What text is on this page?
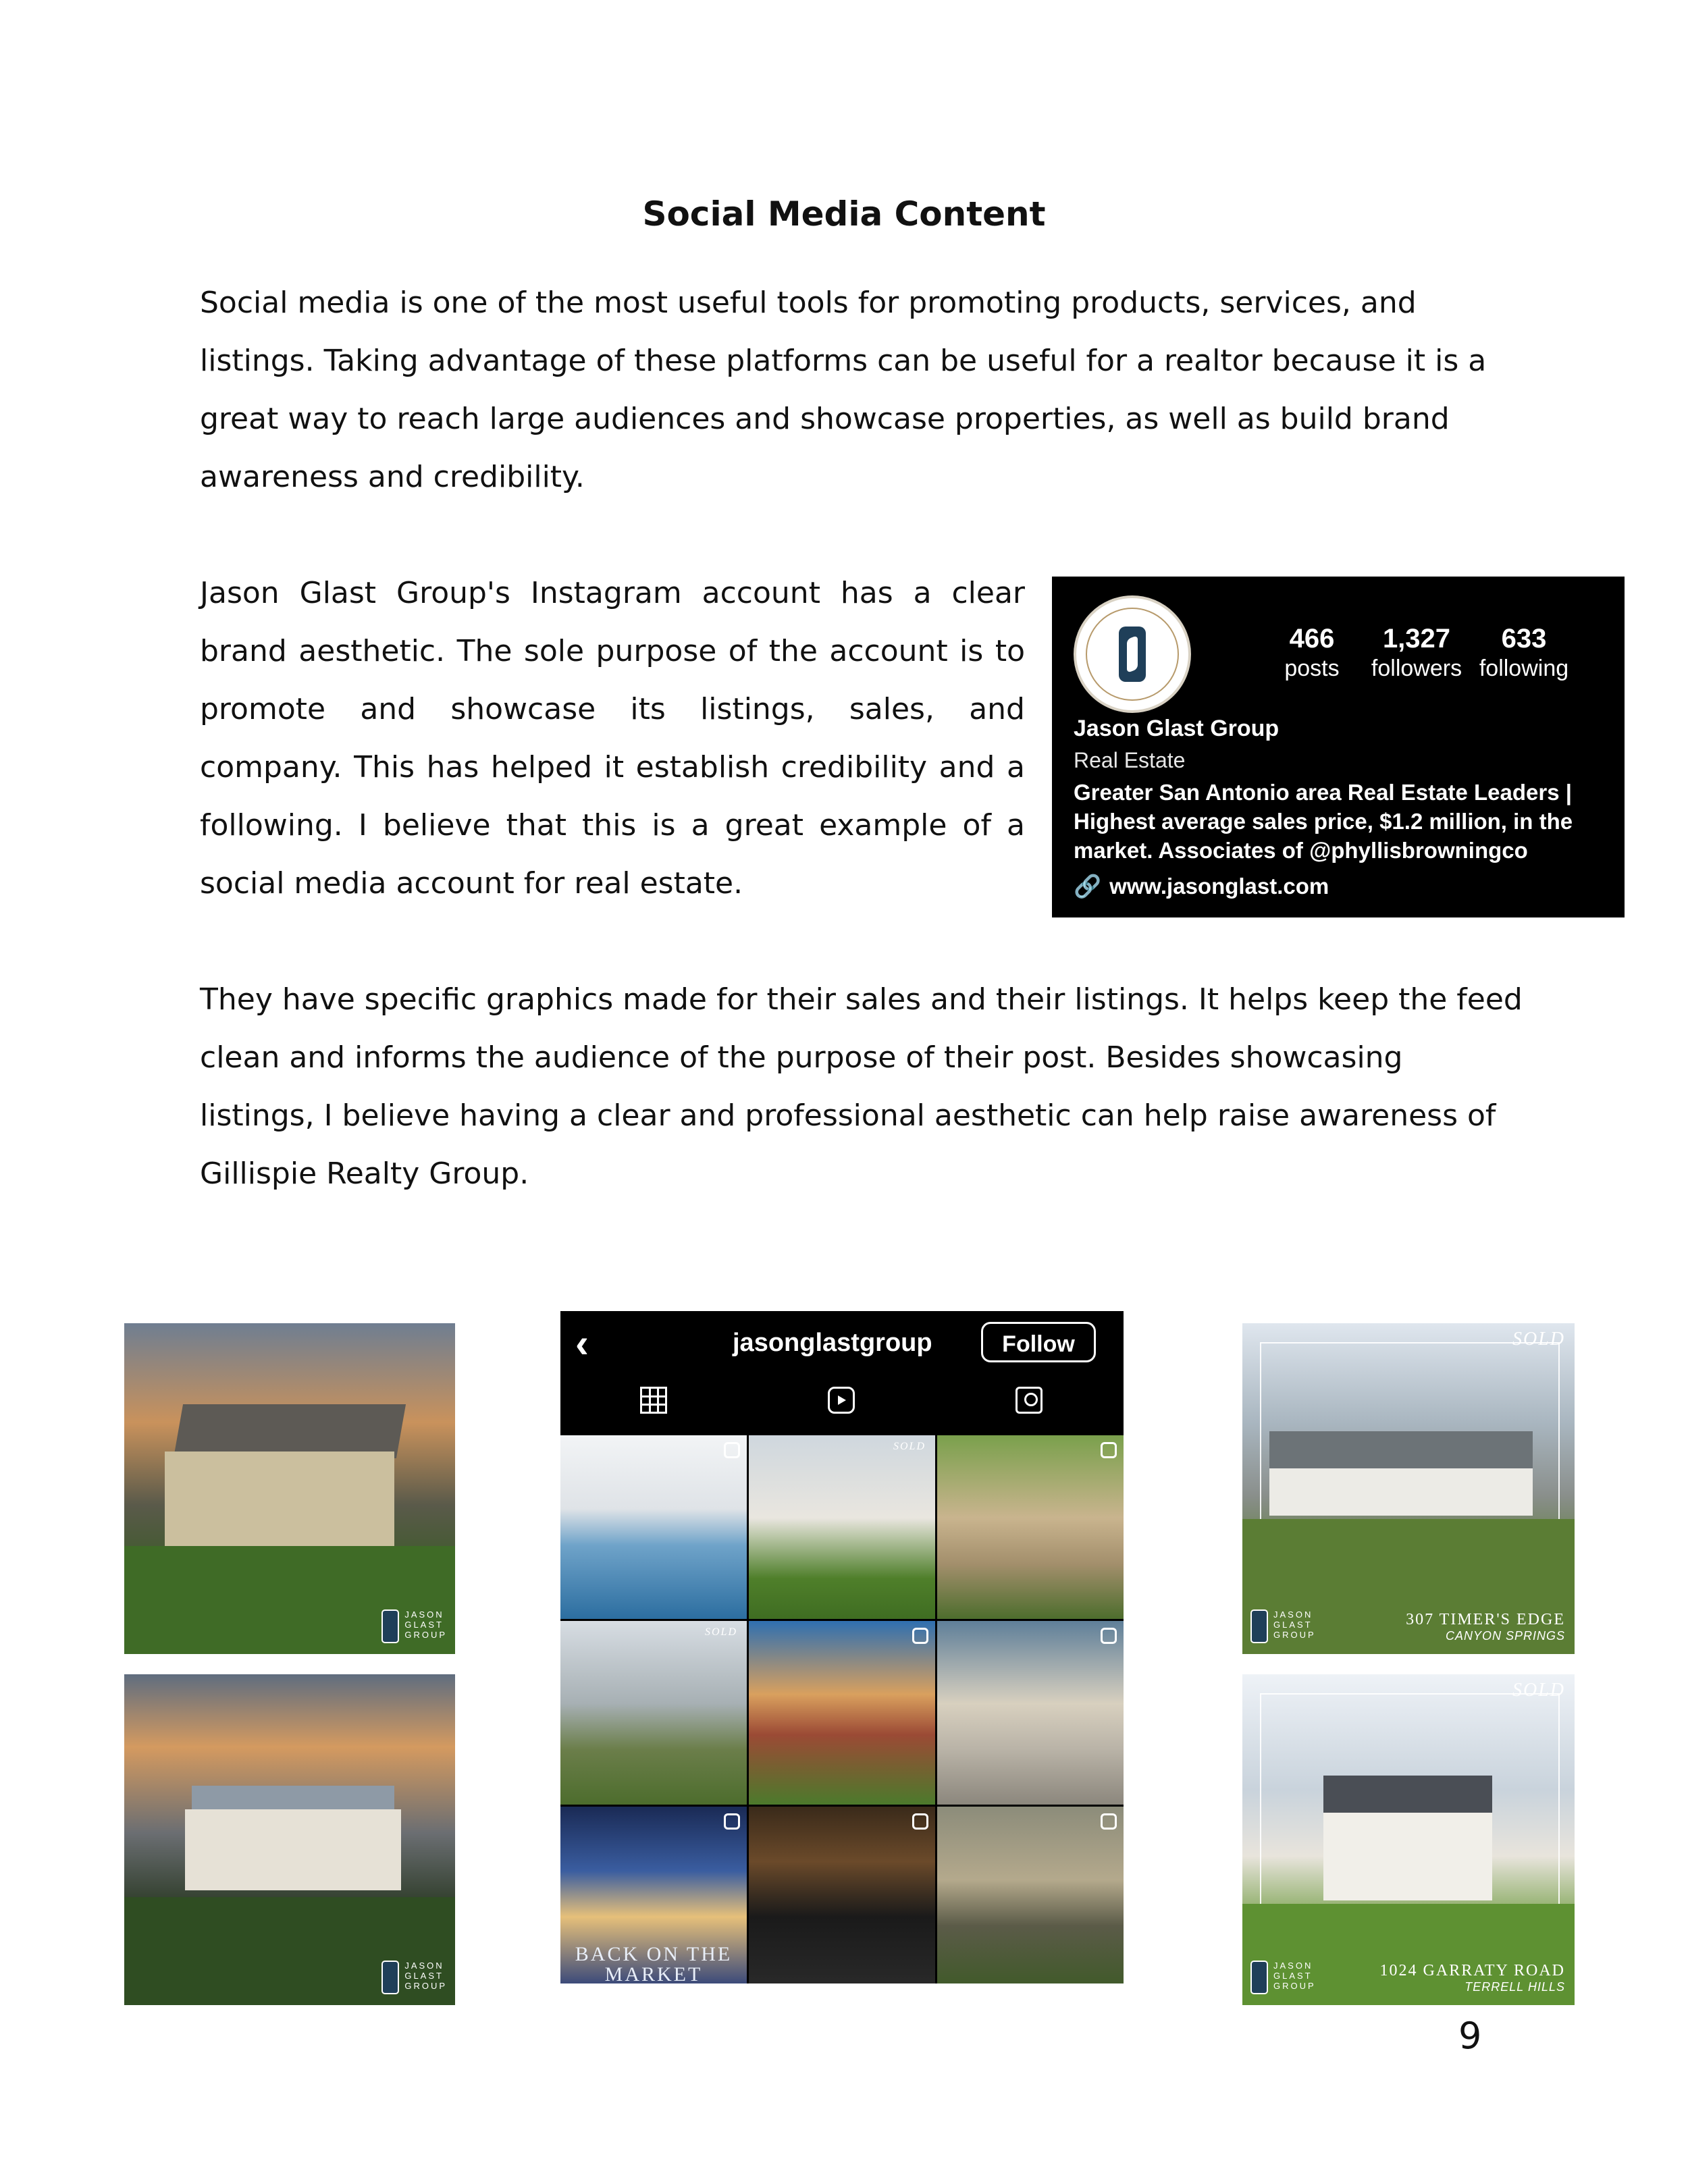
Social Media Content

Social media is one of the most useful tools for promoting products, services, and listings. Taking advantage of these platforms can be useful for a realtor because it is a great way to reach large audiences and showcase properties, as well as build brand awareness and credibility.

Jason Glast Group's Instagram account has a clear brand aesthetic. The sole purpose of the account is to promote and showcase its listings, sales, and company. This has helped it establish credibility and a following. I believe that this is a great example of a social media account for real estate.

They have specific graphics made for their sales and their listings. It helps keep the feed clean and informs the audience of the purpose of their post. Besides showcasing listings, I believe having a clear and professional aesthetic can help raise awareness of Gillispie Realty Group.

466
posts
1,327
followers
633
following
Jason Glast Group
Real Estate
Greater San Antonio area Real Estate Leaders | Highest average sales price, $1.2 million, in the market. Associates of @phyllisbrowningco
🔗 www.jasonglast.com
JASON
GLAST
GROUP
JASON
GLAST
GROUP
‹	jasonglastgroup	Follow
SOLD
SOLD
BACK ON THE MARKET
SOLD
JASON
GLAST
GROUP
307 TIMER'S EDGE
CANYON SPRINGS
SOLD
JASON
GLAST
GROUP
1024 GARRATY ROAD
TERRELL HILLS
9
